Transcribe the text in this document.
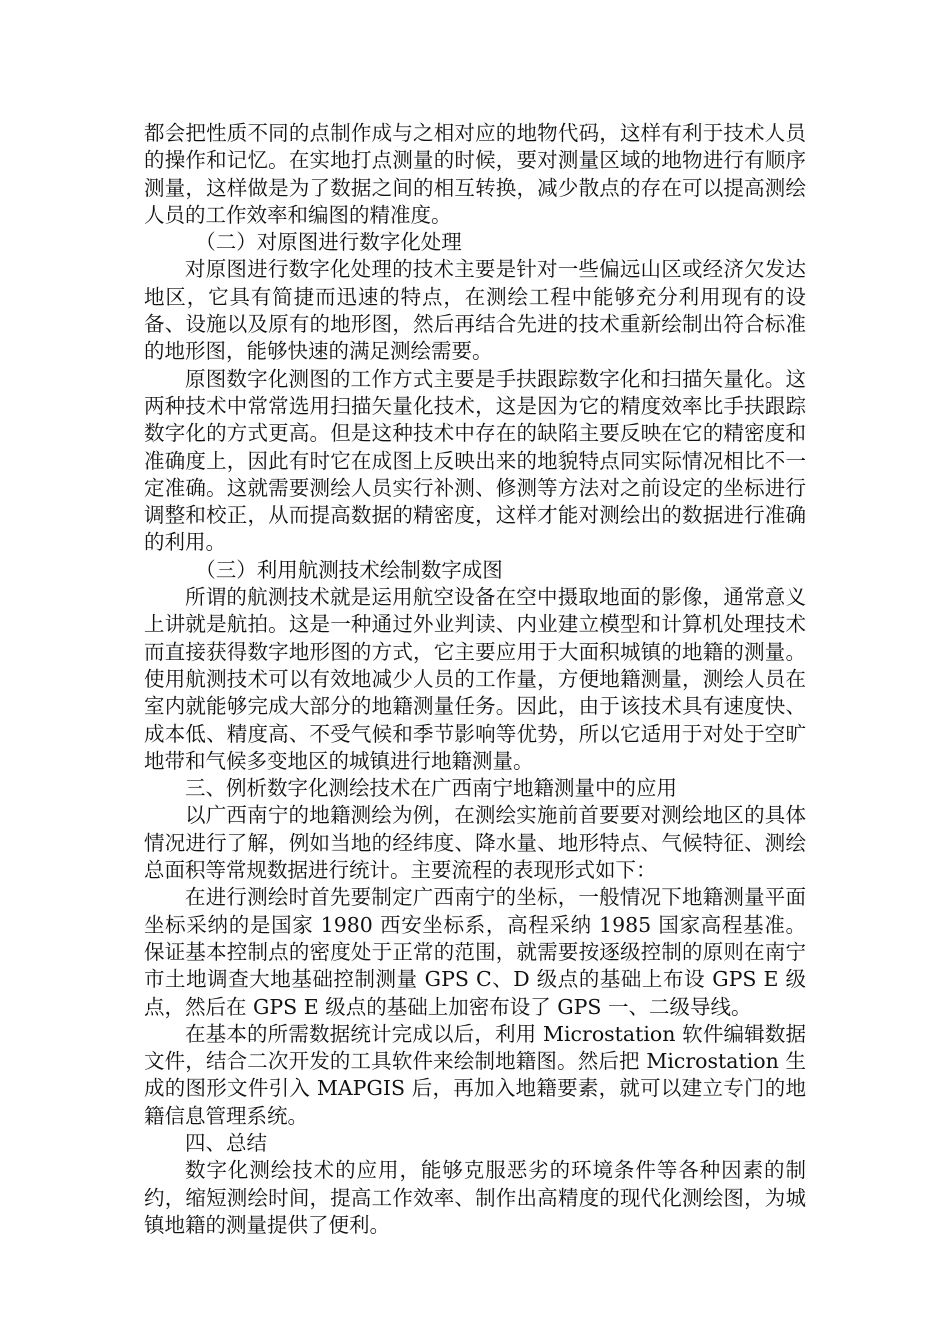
都会把性质不同的点制作成与之相对应的地物代码，这样有利于技术人员的操作和记忆。在实地打点测量的时候，要对测量区域的地物进行有顺序测量，这样做是为了数据之间的相互转换，减少散点的存在可以提高测绘人员的工作效率和编图的精准度。

（二）对原图进行数字化处理

对原图进行数字化处理的技术主要是针对一些偏远山区或经济欠发达地区，它具有简捷而迅速的特点，在测绘工程中能够充分利用现有的设备、设施以及原有的地形图，然后再结合先进的技术重新绘制出符合标准的地形图，能够快速的满足测绘需要。

原图数字化测图的工作方式主要是手扶跟踪数字化和扫描矢量化。这两种技术中常常选用扫描矢量化技术，这是因为它的精度效率比手扶跟踪数字化的方式更高。但是这种技术中存在的缺陷主要反映在它的精密度和准确度上，因此有时它在成图上反映出来的地貌特点同实际情况相比不一定准确。这就需要测绘人员实行补测、修测等方法对之前设定的坐标进行调整和校正，从而提高数据的精密度，这样才能对测绘出的数据进行准确的利用。

（三）利用航测技术绘制数字成图

所谓的航测技术就是运用航空设备在空中摄取地面的影像，通常意义上讲就是航拍。这是一种通过外业判读、内业建立模型和计算机处理技术而直接获得数字地形图的方式，它主要应用于大面积城镇的地籍的测量。使用航测技术可以有效地减少人员的工作量，方便地籍测量，测绘人员在室内就能够完成大部分的地籍测量任务。因此，由于该技术具有速度快、成本低、精度高、不受气候和季节影响等优势，所以它适用于对处于空旷地带和气候多变地区的城镇进行地籍测量。

三、例析数字化测绘技术在广西南宁地籍测量中的应用

以广西南宁的地籍测绘为例，在测绘实施前首要要对测绘地区的具体情况进行了解，例如当地的经纬度、降水量、地形特点、气候特征、测绘总面积等常规数据进行统计。主要流程的表现形式如下：

在进行测绘时首先要制定广西南宁的坐标，一般情况下地籍测量平面坐标采纳的是国家 1980 西安坐标系，高程采纳 1985 国家高程基准。保证基本控制点的密度处于正常的范围，就需要按逐级控制的原则在南宁市土地调查大地基础控制测量 GPS C、D 级点的基础上布设 GPS E 级点，然后在 GPS E 级点的基础上加密布设了 GPS 一、二级导线。

在基本的所需数据统计完成以后，利用 Microstation 软件编辑数据文件，结合二次开发的工具软件来绘制地籍图。然后把 Microstation 生成的图形文件引入 MAPGIS 后，再加入地籍要素，就可以建立专门的地籍信息管理系统。

四、总结

数字化测绘技术的应用，能够克服恶劣的环境条件等各种因素的制约，缩短测绘时间，提高工作效率、制作出高精度的现代化测绘图，为城镇地籍的测量提供了便利。
